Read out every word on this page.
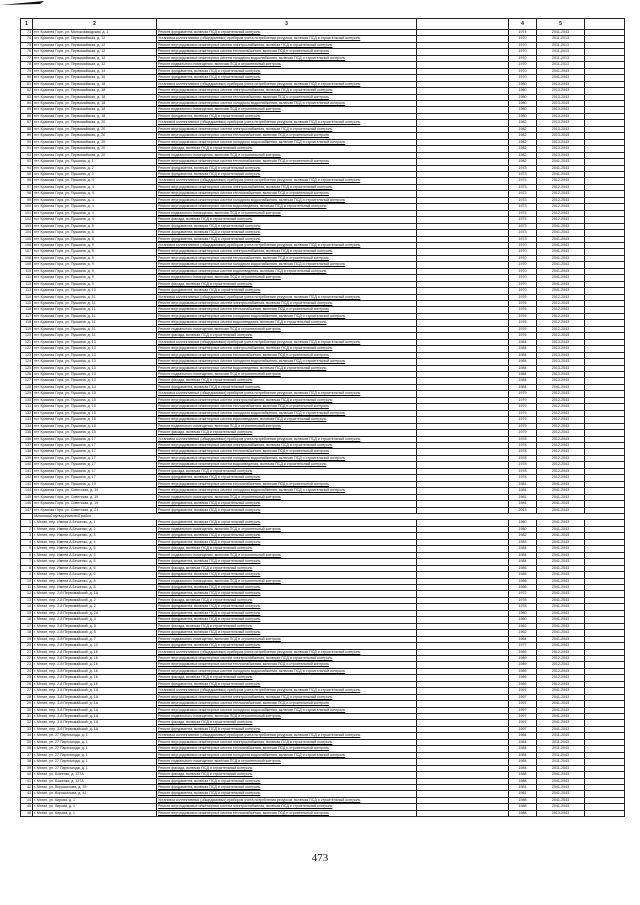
1	2	3		4	5	
73	пгт. Краснея Горе, ул. Молокозаводская, д. 1	Ремонт фундамента, включая ПСД и строительный контроль		1974	2041-2043	
74	пгт. Красная Гора, ул. Первомайская, д. 12	Установка коллективных (общедомовых) приборов учета потребления ресурсов, включая ПСД и строительный контроль		1970	2011-2013	
75	пгт. Красная Гора, ул. Первомайская, д. 12	Ремонт внутридомовых инженерных систем электроснабжения, включая ПСД и строительный контроль		1970	2011-2013	
76	пгт. Красная Гора, ул. Первомайская, д. 12	Ремонт внутридомовых инженерных систем теплоснабжения, включая ПСД и строительный контроль		1970	2011-2013	
77	пгт. Красная Гора, ул. Первомайская, д. 12	Ремонт внутридомовых инженерных систем холодного водоснабжения, включая ПСД и строительный контроль		1970	2011-2013	
78	пгт. Красная Гора, ул. Первомайская, д. 12	Ремонт подвального помещения, включая ПСД и строительный контроль		1970	2011-2013	
79	пгт. Красная Гора, ул. Первомайская, д. 14	Ремонт фундамента, включая ПСД и строительный контроль		1970	2041-2043	
80	пгт. Красная Гора, ул. Первомайская, д. 16	Ремонт фундамента, включая ПСД и строительный контроль		1970	2041-2043	
81	пгт. Красная Гора, ул. Первомайская, д. 18	Установка коллективных (общедомовых) приборов учета потребления ресурсов, включая ПСД и строительный контроль		1980	2013-2043	
82	пгт. Красная Гора, ул. Первомайская, д. 18	Ремонт внутридомовых инженерных систем электроснабжения, включая ПСД и строительный контроль		1980	2013-2043	
83	пгт. Красная Гора, ул. Первомайская, д. 18	Ремонт внутридомовых инженерных систем теплоснабжения, включая ПСД и строительный контроль		1980	2013-2043	
84	пгт. Красная Гора, ул. Первомайская, д. 18	Ремонт внутридомовых инженерных систем холодного водоснабжения, включая ПСД и строительный контроль		1980	2013-2043	
85	пгт. Красная Гора, ул. Первомайская, д. 18	Ремонт подвального помещения, включая ПСД и строительный контроль		1980	2013-2043	
86	пгт. Красная Гора, ул. Первомайская, д. 18	Ремонт фундамента, включая ПСД и строительный контроль		1980	2013-2043	
87	пгт. Красная Гора, ул. Первомайская, д. 20	Установка коллективных (общедомовых) приборов учета потребления ресурсов, включая ПСД и строительный контроль		1982	2013-2043	
88	пгт. Красная Гора, ул. Первомайская, д. 20	Ремонт внутридомовых инженерных систем электроснабжения, включая ПСД и строительный контроль		1982	2013-2043	
89	пгт. Красная Гора, ул. Первомайская, д. 20	Ремонт внутридомовых инженерных систем теплоснабжения, включая ПСД и строительный контроль		1982	2013-2043	
90	пгт. Красная Гора, ул. Первомайская, д. 20	Ремонт внутридомовых инженерных систем холодного водоснабжения, включая ПСД и строительный контроль		1982	2013-2043	
91	пгт. Красная Гора, ул. Первомайская, д. 20	Ремонт фасада, включая ПСД и строительный контроль		1982	2013-2043	
92	пгт. Красная Гора, ул. Первомайская, д. 20	Ремонт подвального помещения, включая ПСД и строительный контроль		1982	2013-2043	
93	пгт. Красная Гора, ул. Пушкина, д. 1	Ремонт внутридомовых инженерных систем теплоснабжения, включая ПСД и строительный контроль		1982	2041-2043	
94	пгт. Красная Гора, ул. Пушкина, д. 2	Ремонт фундамента, включая ПСД и строительный контроль		1973	2041-2043	
95	пгт. Красная Гора, ул. Пушкина, д. 3	Ремонт фундамента, включая ПСД и строительный контроль		1973	2041-2043	
96	пгт. Красная Гора, ул. Пушкина, д. 4	Установка коллективных (общедомовых) приборов учета потребления ресурсов, включая ПСД и строительный контроль		1973	2012-2043	
97	пгт. Красная Гора, ул. Пушкина, д. 4	Ремонт внутридомовых инженерных систем электроснабжения, включая ПСД и строительный контроль		1973	2012-2043	
98	пгт. Красная Гора, ул. Пушкина, д. 4	Ремонт внутридомовых инженерных систем теплоснабжения, включая ПСД и строительный контроль		1973	2012-2043	
99	пгт. Красная Гора, ул. Пушкина, д. 4	Ремонт внутридомовых инженерных систем холодного водоснабжения, включая ПСД и строительный контроль		1973	2012-2043	
100	пгт. Красная Гора, ул. Пушкина, д. 4	Ремонт внутридомовых инженерных систем водоотведения, включая ПСД и строительный контроль		1973	2012-2043	
101	пгт. Красная Гора, ул. Пушкина, д. 4	Ремонт подвального помещения, включая ПСД и строительный контроль		1973	2012-2043	
102	пгт. Красная Гора, ул. Пушкина, д. 4	Ремонт фасада, включая ПСД и строительный контроль		1973	2012-2043	
103	пгт. Красная Гора, ул. Пушкина, д. 5	Ремонт фундамента, включая ПСД и строительный контроль		1973	2041-2043	
104	пгт. Красная Гора, ул. Пушкина, д. 6	Ремонт фундамента, включая ПСД и строительный контроль		1973	2041-2043	
105	пгт. Красная Гора, ул. Пушкина, д. 8	Ремонт фундамента, включая ПСД и строительный контроль		1973	2041-2043	
106	пгт. Красная Гора, ул. Пушкина, д. 9	Установка коллективных (общедомовых) приборов учета потребления ресурсов, включая ПСД и строительный контроль		1970	2041-2043	
107	пгт. Красная Гора, ул. Пушкина, д. 9	Ремонт внутридомовых инженерных систем электроснабжения, включая ПСД и строительный контроль		1970	2041-2043	
108	пгт. Красная Гора, ул. Пушкина, д. 9	Ремонт внутридомовых инженерных систем теплоснабжения, включая ПСД и строительный контроль		1970	2041-2043	
109	пгт. Красная Гора, ул. Пушкина, д. 9	Ремонт внутридомовых инженерных систем холодного водоснабжения, включая ПСД и строительный контроль		1970	2041-2043	
110	пгт. Красная Гора, ул. Пушкина, д. 9	Ремонт внутридомовых инженерных систем водоотведения, включая ПСД и строительный контроль		1970	2041-2043	
111	пгт. Красная Гора, ул. Пушкина, д. 9	Ремонт подвального помещения, включая ПСД и строительный контроль		1970	2041-2043	
112	пгт. Красная Гора, ул. Пушкина, д. 9	Ремонт фасада, включая ПСД и строительный контроль		1970	2041-2043	
113	пгт. Красная Гора, ул. Пушкина, д. 10	Ремонт фундамента, включая ПСД и строительный контроль		1970	2041-2043	
114	пгт. Красная Гора, ул. Пушкина, д. 11	Установка коллективных (общедомовых) приборов учета потребления ресурсов, включая ПСД и строительный контроль		1976	2012-2043	
115	пгт. Красная Гора, ул. Пушкина, д. 11	Ремонт внутридомовых инженерных систем электроснабжения, включая ПСД и строительный контроль		1976	2012-2043	
116	пгт. Красная Гора, ул. Пушкина, д. 11	Ремонт внутридомовых инженерных систем теплоснабжения, включая ПСД и строительный контроль		1976	2012-2043	
117	пгт. Красная Гора, ул. Пушкина, д. 11	Ремонт внутридомовых инженерных систем холодного водоснабжения, включая ПСД и строительный контроль		1976	2012-2043	
118	пгт. Красная Гора, ул. Пушкина, д. 11	Ремонт внутридомовых инженерных систем водоотведения, включая ПСД и строительный контроль		1976	2012-2043	
119	пгт. Красная Гора, ул. Пушкина, д. 11	Ремонт подвального помещения, включая ПСД и строительный контроль		1976	2012-2043	
120	пгт. Красная Гора, ул. Пушкина, д. 11	Ремонт фасада, включая ПСД и строительный контроль		1976	2012-2043	
121	пгт. Красная Гора, ул. Пушкина, д. 13	Установка коллективных (общедомовых) приборов учета потребления ресурсов, включая ПСД и строительный контроль		1984	2013-2043	
122	пгт. Красная Гора, ул. Пушкина, д. 13	Ремонт внутридомовых инженерных систем электроснабжения, включая ПСД и строительный контроль		1984	2013-2043	
123	пгт. Красная Гора, ул. Пушкина, д. 13	Ремонт внутридомовых инженерных систем теплоснабжения, включая ПСД и строительный контроль		1984	2013-2043	
124	пгт. Красная Гора, ул. Пушкина, д. 13	Ремонт внутридомовых инженерных систем холодного водоснабжения, включая ПСД и строительный контроль		1984	2013-2043	
125	пгт. Красная Гора, ул. Пушкина, д. 13	Ремонт внутридомовых инженерных систем водоотведения, включая ПСД и строительный контроль		1984	2013-2043	
126	пгт. Красная Гора, ул. Пушкина, д. 13	Ремонт подвального помещения, включая ПСД и строительный контроль		1984	2013-2043	
127	пгт. Красная Гора, ул. Пушкина, д. 13	Ремонт фасада, включая ПСД и строительный контроль		1984	2013-2043	
128	пгт. Красная Гора, ул. Пушкина, д. 14	Ремонт фундамента, включая ПСД и строительный контроль		1984	2041-2043	
129	пгт. Красная Гора, ул. Пушкина, д. 15	Установка коллективных (общедомовых) приборов учета потребления ресурсов, включая ПСД и строительный контроль		1979	2012-2043	
130	пгт. Красная Гора, ул. Пушкина, д. 15	Ремонт внутридомовых инженерных систем электроснабжения, включая ПСД и строительный контроль		1979	2012-2043	
131	пгт. Красная Гора, ул. Пушкина, д. 15	Ремонт внутридомовых инженерных систем теплоснабжения, включая ПСД и строительный контроль		1979	2012-2043	
132	пгт. Красная Гора, ул. Пушкина, д. 15	Ремонт внутридомовых инженерных систем холодного водоснабжения, включая ПСД и строительный контроль		1979	2012-2043	
133	пгт. Красная Гора, ул. Пушкина, д. 15	Ремонт внутридомовых инженерных систем водоотведения, включая ПСД и строительный контроль		1979	2012-2043	
134	пгт. Красная Гора, ул. Пушкина, д. 15	Ремонт подвального помещения, включая ПСД и строительный контроль		1979	2012-2043	
135	пгт. Красная Гора, ул. Пушкина, д. 15	Ремонт фасада, включая ПСД и строительный контроль		1979	2012-2043	
136	пгт. Красная Гора, ул. Пушкина, д. 17	Установка коллективных (общедомовых) приборов учета потребления ресурсов, включая ПСД и строительный контроль		1978	2012-2043	
137	пгт. Красная Гора, ул. Пушкина, д. 17	Ремонт внутридомовых инженерных систем электроснабжения, включая ПСД и строительный контроль		1978	2012-2043	
138	пгт. Красная Гора, ул. Пушкина, д. 17	Ремонт внутридомовых инженерных систем теплоснабжения, включая ПСД и строительный контроль		1978	2012-2043	
139	пгт. Красная Гора, ул. Пушкина, д. 17	Ремонт внутридомовых инженерных систем холодного водоснабжения, включая ПСД и строительный контроль		1978	2012-2043	
140	пгт. Красная Гора, ул. Пушкина, д. 17	Ремонт внутридомовых инженерных систем водоотведения, включая ПСД и строительный контроль		1978	2012-2043	
141	пгт. Красная Гора, ул. Пушкина, д. 17	Ремонт фасада, включая ПСД и строительный контроль		1978	2012-2043	
142	пгт. Красная Гора, ул. Пушкина, д. 17	Ремонт фундамента, включая ПСД и строительный контроль		1978	2012-2043	
143	пгт. Красная Гора, ул. Пушкина, д. 19	Ремонт внутридомовых инженерных систем теплоснабжения, включая ПСД и строительный контроль		1981	2041-2043	
144	пгт. Красная Гора, ул. Советская, д. 19	Ремонт внутридомовых инженерных систем холодного водоснабжения, включая ПСД и строительный контроль		1981	2041-2043	
145	пгт. Красная Гора, ул. Советская, д. 19	Ремонт подвального помещения, включая ПСД и строительный контроль		1981	2041-2043	
146	пгт. Красная Гора, ул. Советская, д. 19	Ремонт фундамента, включая ПСД и строительный контроль		1981	2041-2043	
147	пгт. Красная Гора, ул. Советская, д. 21	Ремонт фундамента, включая ПСД и строительный контроль		2013	2041-2043	
	Мглинский муниципальный район					
1	г. Мглин, пер. Имени А.Бешенко, д. 1	Ремонт фундамента, включая ПСД и строительный контроль		1980	2041-2043	
2	г. Мглин, пер. Имени А.Бешенко, д. 2	Ремонт подвального помещения, включая ПСД и строительный контроль		1980	2041-2043	
3	г. Мглин, пер. Имени А.Бешенко, д. 3	Ремонт фундамента, включая ПСД и строительный контроль		1982	2041-2043	
4	г. Мглин, пер. Имени А.Бешенко, д. 4	Ремонт фундамента, включая ПСД и строительный контроль		1983	2041-2043	
5	г. Мглин, пер. Имени А.Бешенко, д. 5	Ремонт фасада, включая ПСД и строительный контроль		1984	2041-2043	
6	г. Мглин, пер. Имени А.Бешенко, д. 5	Ремонт подвального помещения, включая ПСД и строительный контроль		1984	2041-2043	
7	г. Мглин, пер. Имени А.Бешенко, д. 5	Ремонт фундамента, включая ПСД и строительный контроль		1984	2041-2043	
8	г. Мглин, пер. Имени А.Бешенко, д. 6	Ремонт фасада, включая ПСД и строительный контроль		1985	2041-2043	
9	г. Мглин, пер. Имени А.Бешенко, д. 6	Ремонт фундамента, включая ПСД и строительный контроль		1985	2041-2043	
10	г. Мглин, пер. Имени А.Бешенко, д. 8	Ремонт подвального помещения, включая ПСД и строительный контроль		1986	2041-2043	
11	г. Мглин, пер. Имени А.Бешенко, д. 8	Ремонт фундамента, включая ПСД и строительный контроль		1986	2041-2043	
12	г. Мглин, пер. 2-й Первомайский, д. 1А	Ремонт фундамента, включая ПСД и строительный контроль		1972	2041-2043	
13	г. Мглин, пер. 2-й Первомайский, д. 2	Ремонт фасада, включая ПСД и строительный контроль		1978	2041-2043	
14	г. Мглин, пер. 2-й Первомайский, д. 2	Ремонт фундамента, включая ПСД и строительный контроль		1978	2041-2043	
15	г. Мглин, пер. 2-й Первомайский, д. 2А	Ремонт фундамента, включая ПСД и строительный контроль		1980	2041-2043	
16	г. Мглин, пер. 2-й Первомайский, д. 4	Ремонт фундамента, включая ПСД и строительный контроль		1980	2041-2043	
17	г. Мглин, пер. 2-й Первомайский, д. 5	Ремонт фасада, включая ПСД и строительный контроль		1962	2041-2043	
18	г. Мглин, пер. 2-й Первомайский, д. 5	Ремонт фундамента, включая ПСД и строительный контроль		1962	2041-2043	
19	г. Мглин, пер. 2-й Первомайский, д. 7	Ремонт подвального помещения, включая ПСД и строительный контроль		1964	2041-2043	
20	г. Мглин, пер. 2-й Первомайский, д. 10	Ремонт фундамента, включая ПСД и строительный контроль		1977	2041-2043	
21	г. Мглин, пер. 2-й Первомайский, д. 16	Установка коллективных (общедомовых) приборов учета потребления ресурсов, включая ПСД и строительный контроль		1989	2012-2043	
22	г. Мглин, пер. 2-й Первомайский, д. 16	Ремонт внутридомовых инженерных систем электроснабжения, включая ПСД и строительный контроль		1989	2012-2043	
23	г. Мглин, пер. 2-й Первомайский, д. 16	Ремонт внутридомовых инженерных систем теплоснабжения, включая ПСД и строительный контроль		1989	2012-2043	
24	г. Мглин, пер. 2-й Первомайский, д. 16	Ремонт внутридомовых инженерных систем холодного водоснабжения, включая ПСД и строительный контроль		1989	2012-2043	
25	г. Мглин, пер. 2-й Первомайский, д. 16	Ремонт фасада, включая ПСД и строительный контроль		1989	2012-2043	
26	г. Мглин, пер. 2-й Первомайский, д. 16	Ремонт фундамента, включая ПСД и строительный контроль		1989	2012-2043	
27	г. Мглин, пер. 3-й Первомайский, д. 1А	Установка коллективных (общедомовых) приборов учета потребления ресурсов, включая ПСД и строительный контроль		1997	2041-2043	
28	г. Мглин, пер. 3-й Первомайский, д. 1А	Ремонт внутридомовых инженерных систем электроснабжения, включая ПСД и строительный контроль		1997	2041-2043	
29	г. Мглин, пер. 3-й Первомайский, д. 1А	Ремонт внутридомовых инженерных систем теплоснабжения, включая ПСД и строительный контроль		1997	2041-2043	
30	г. Мглин, пер. 3-й Первомайский, д. 1А	Ремонт внутридомовых инженерных систем холодного водоснабжения, включая ПСД и строительный контроль		1997	2041-2043	
31	г. Мглин, пер. 3-й Первомайский, д. 1А	Ремонт подвального помещения, включая ПСД и строительный контроль		1997	2041-2043	
32	г. Мглин, пер. 3-й Первомайский, д. 1А	Ремонт фасада, включая ПСД и строительный контроль		1997	2041-2043	
33	г. Мглин, пер. 3-й Первомайский, д. 1А	Ремонт фундамента, включая ПСД и строительный контроль		1997	2041-2043	
34	г. Мглин, ул. 27 Партсъезда, д. 1	Установка коллективных (общедомовых) приборов учета потребления ресурсов, включая ПСД и строительный контроль		1984	2011-2043	
35	г. Мглин, ул. 27 Партсъезда, д. 1	Ремонт внутридомовых инженерных систем электроснабжения, включая ПСД и строительный контроль		1984	2011-2043	
36	г. Мглин, ул. 27 Партсъезда, д. 1	Ремонт внутридомовых инженерных систем теплоснабжения, включая ПСД и строительный контроль		1984	2011-2043	
37	г. Мглин, ул. 27 Партсъезда, д. 1	Ремонт внутридомовых инженерных систем холодного водоснабжения, включая ПСД и строительный контроль		1984	2011-2043	
38	г. Мглин, ул. 27 Партсъезда, д. 1	Ремонт подвального помещения, включая ПСД и строительный контроль		1984	2011-2043	
39	г. Мглин, ул. 27 Партсъезда, д. 1	Ремонт фасада, включая ПСД и строительный контроль		1984	2011-2043	
40	г. Мглин, ул. Боженко, д. 127А	Ремонт фасада, включая ПСД и строительный контроль		1988	2041-2043	
41	г. Мглин, ул. Боженко, д. 127А	Ремонт фундамента, включая ПСД и строительный контроль		1988	2041-2043	
42	г. Мглин, ул. Ворошилова, д. 39	Ремонт фундамента, включая ПСД и строительный контроль		1981	2041-2043	
43	г. Мглин, ул. Ворошилова, д. 41	Ремонт фундамента, включая ПСД и строительный контроль		1981	2041-2043	
44	г. Мглин, ул. Кирова, д. 1	Установка коллективных (общедомовых) приборов учета потребления ресурсов, включая ПСД и строительный контроль		1988	2041-2043	
45	г. Мглин, ул. Кирова, д. 1	Ремонт внутридомовых инженерных систем электроснабжения, включая ПСД и строительный контроль		1988	2041-2043	
46	г. Мглин, ул. Кирова, д. 1	Ремонт внутридомовых инженерных систем теплоснабжения, включая ПСД и строительный контроль		1988	2013-2043	
473
